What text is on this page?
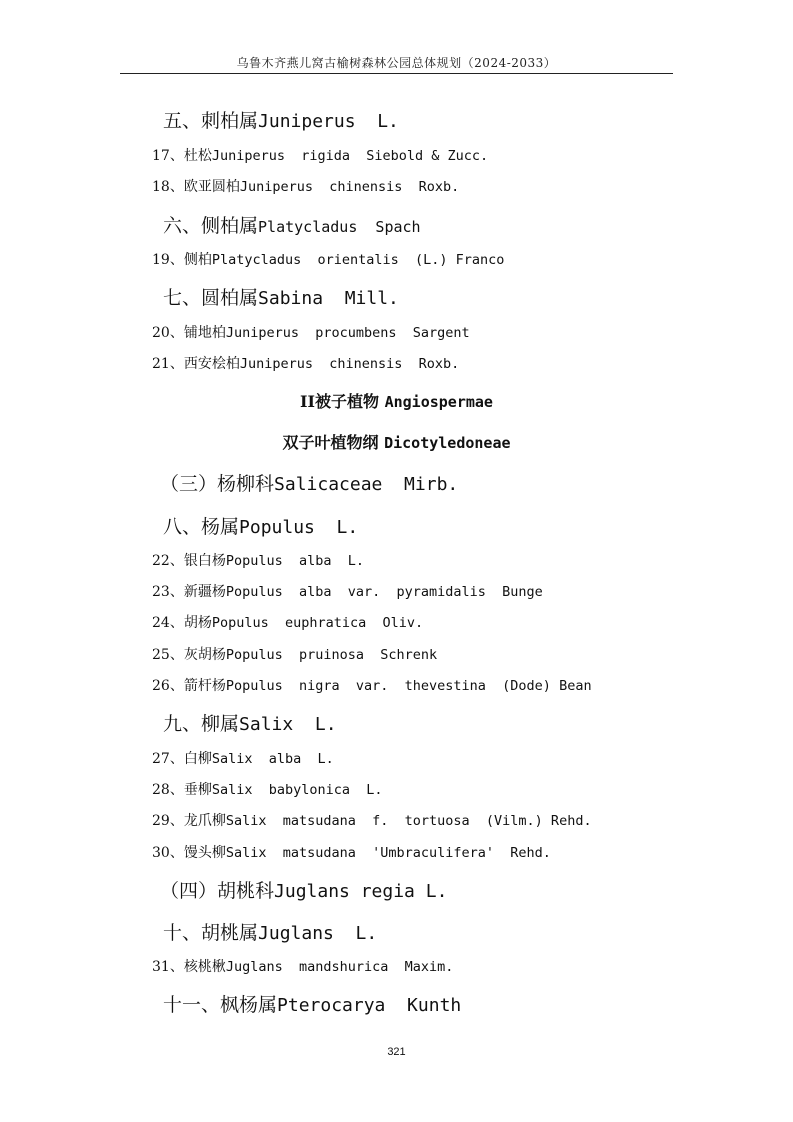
乌鲁木齐燕儿窝古榆树森林公园总体规划（2024-2033）
五、刺柏属Juniperus  L.
17、杜松Juniperus  rigida  Siebold & Zucc.
18、欧亚圆柏Juniperus  chinensis  Roxb.
六、侧柏属Platycladus  Spach
19、侧柏Platycladus  orientalis  (L.) Franco
七、圆柏属Sabina  Mill.
20、铺地柏Juniperus  procumbens  Sargent
21、西安桧柏Juniperus  chinensis  Roxb.
II被子植物 Angiospermae
双子叶植物纲 Dicotyledoneae
（三）杨柳科Salicaceae  Mirb.
八、杨属Populus  L.
22、银白杨Populus  alba  L.
23、新疆杨Populus  alba  var.  pyramidalis  Bunge
24、胡杨Populus  euphratica  Oliv.
25、灰胡杨Populus  pruinosa  Schrenk
26、箭杆杨Populus  nigra  var.  thevestina  (Dode) Bean
九、柳属Salix  L.
27、白柳Salix  alba  L.
28、垂柳Salix  babylonica  L.
29、龙爪柳Salix  matsudana  f.  tortuosa  (Vilm.) Rehd.
30、馒头柳Salix  matsudana  'Umbraculifera'  Rehd.
（四）胡桃科Juglans regia L.
十、胡桃属Juglans  L.
31、核桃楸Juglans  mandshurica  Maxim.
十一、枫杨属Pterocarya  Kunth
321
